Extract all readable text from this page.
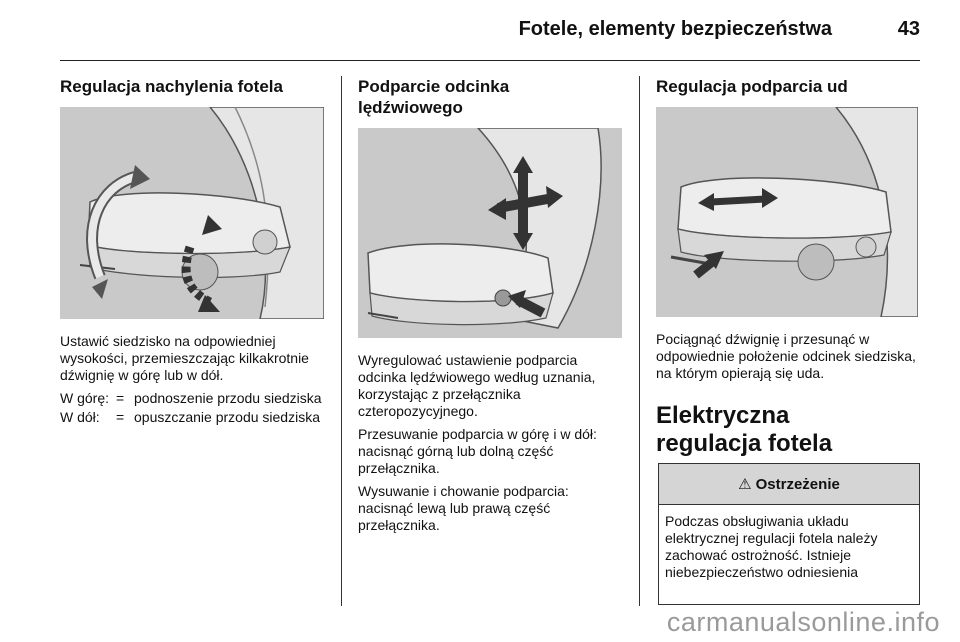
Fotele, elementy bezpieczeństwa	43
Regulacja nachylenia fotela

Ustawić siedzisko na odpowiedniej wysokości, przemieszczając kilkakrotnie dźwignię w górę lub w dół.

W górę: = podnoszenie przodu siedziska
W dół:	= opuszczanie przodu siedziska
Podparcie odcinka lędźwiowego

Wyregulować ustawienie podparcia odcinka lędźwiowego według uznania, korzystając z przełącznika czteropozycyjnego.

Przesuwanie podparcia w górę i w dół: nacisnąć górną lub dolną część przełącznika.

Wysuwanie i chowanie podparcia: nacisnąć lewą lub prawą część przełącznika.

Regulacja podparcia ud

Pociągnąć dźwignię i przesunąć w odpowiednie położenie odcinek siedziska, na którym opierają się uda.

Elektryczna regulacja fotela
⚠ Ostrzeżenie
Podczas obsługiwania układu elektrycznej regulacji fotela należy zachować ostrożność. Istnieje niebezpieczeństwo odniesienia
carmanualsonline.info
